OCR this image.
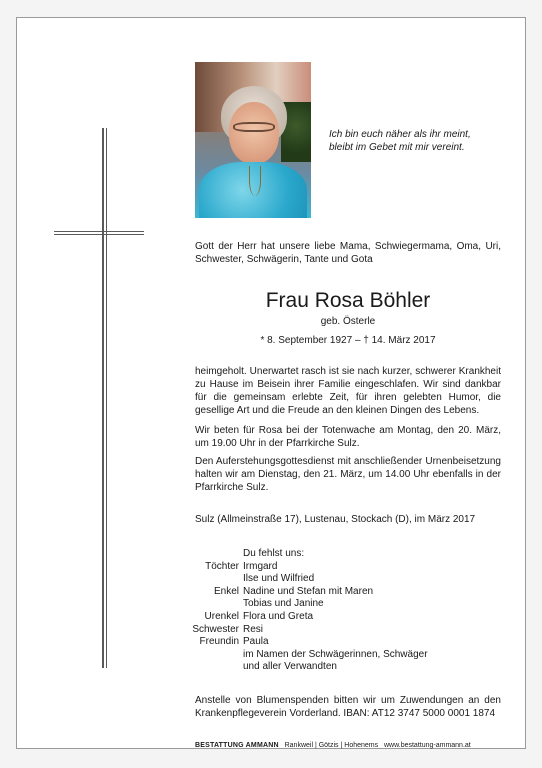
Ich bin euch näher als ihr meint,
bleibt im Gebet mit mir vereint.
Gott der Herr hat unsere liebe Mama, Schwiegermama, Oma, Uri, Schwester, Schwägerin, Tante und Gota
Frau Rosa Böhler
geb. Österle
* 8. September 1927 – † 14. März 2017
heimgeholt. Unerwartet rasch ist sie nach kurzer, schwerer Krankheit zu Hause im Beisein ihrer Familie eingeschlafen. Wir sind dankbar für die gemeinsam erlebte Zeit, für ihren gelebten Humor, die gesellige Art und die Freude an den kleinen Dingen des Lebens.
Wir beten für Rosa bei der Totenwache am Montag, den 20. März, um 19.00 Uhr in der Pfarrkirche Sulz.
Den Auferstehungsgottesdienst mit anschließender Urnenbeisetzung halten wir am Dienstag, den 21. März, um 14.00 Uhr ebenfalls in der Pfarrkirche Sulz.
Sulz (Allmeinstraße 17), Lustenau, Stockach (D), im März 2017
Du fehlst uns:
Töchter Irmgard
Ilse und Wilfried
Enkel Nadine und Stefan mit Maren
Tobias und Janine
Urenkel Flora und Greta
Schwester Resi
Freundin Paula
im Namen der Schwägerinnen, Schwäger
und aller Verwandten
Anstelle von Blumenspenden bitten wir um Zuwendungen an den Krankenpflegeverein Vorderland. IBAN: AT12 3747 5000 0001 1874
BESTATTUNG AMMANN Rankweil | Götzis | Hohenems www.bestattung-ammann.at
